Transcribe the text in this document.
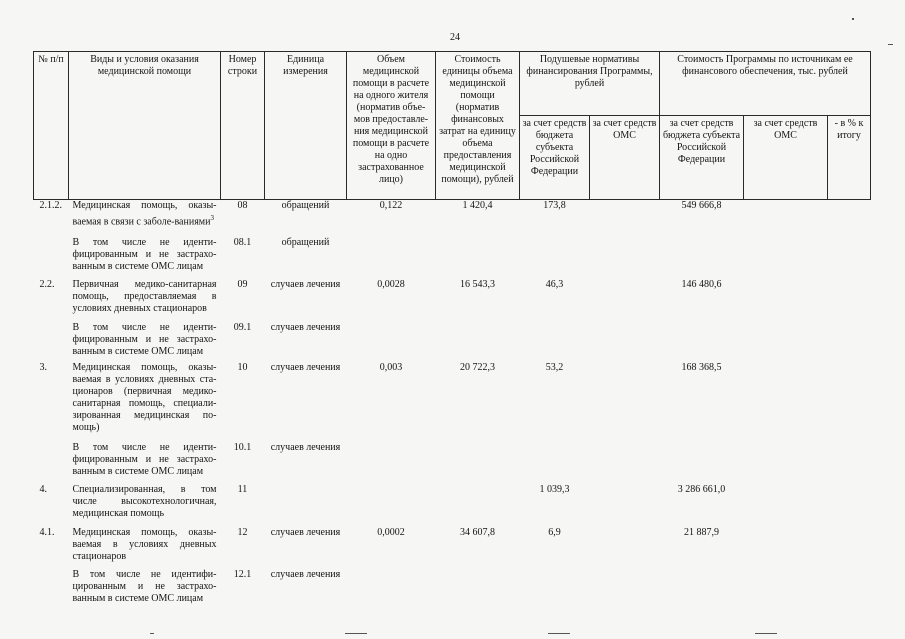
24
№ п/п	Виды и условия оказания медицинской помощи	Номер строки	Единица измерения	Объем медицинской помощи в расчете на одного жителя (норматив объе-мов предоставле-ния медицинской помощи в расчете на одно застрахованное лицо)	Стоимость единицы объема медицинской помощи (норматив финансовых затрат на единицу объема предоставления медицинской помощи), рублей	Подушевые нормативы финансирования Программы, рублей		Стоимость Программы по источникам ее финансового обеспечения, тыс. рублей		
						за счет средств бюджета субъекта Российской Федерации	за счет средств ОМС	за счет средств бюджета субъекта Российской Федерации	за счет средств ОМС	- в % к итогу
2.1.2.	Медицинская помощь, оказы-ваемая в связи с заболе-ваниями$^3$	08	обращений	0,122	1 420,4	173,8		549 666,8		
	В том числе не иденти-фицированным и не застрахо-ванным в системе ОМС лицам	08.1	обращений							
2.2.	Первичная медико-санитарная помощь, предоставляемая в условиях дневных стационаров	09	случаев лечения	0,0028	16 543,3	46,3		146 480,6		
	В том числе не иденти-фицированным и не застрахо-ванным в системе ОМС лицам	09.1	случаев лечения							
3.	Медицинская помощь, оказы-ваемая в условиях дневных ста-ционаров (первичная медико-санитарная помощь, специали-зированная медицинская по-мощь)	10	случаев лечения	0,003	20 722,3	53,2		168 368,5		
	В том числе не иденти-фицированным и не застрахо-ванным в системе ОМС лицам	10.1	случаев лечения							
4.	Специализированная, в том числе высокотехнологичная, медицинская помощь	11				1 039,3		3 286 661,0		
4.1.	Медицинская помощь, оказы-ваемая в условиях дневных стационаров	12	случаев лечения	0,0002	34 607,8	6,9		21 887,9		
	В том числе не идентифи-цированным и не застрахо-ванным в системе ОМС лицам	12.1	случаев лечения							
